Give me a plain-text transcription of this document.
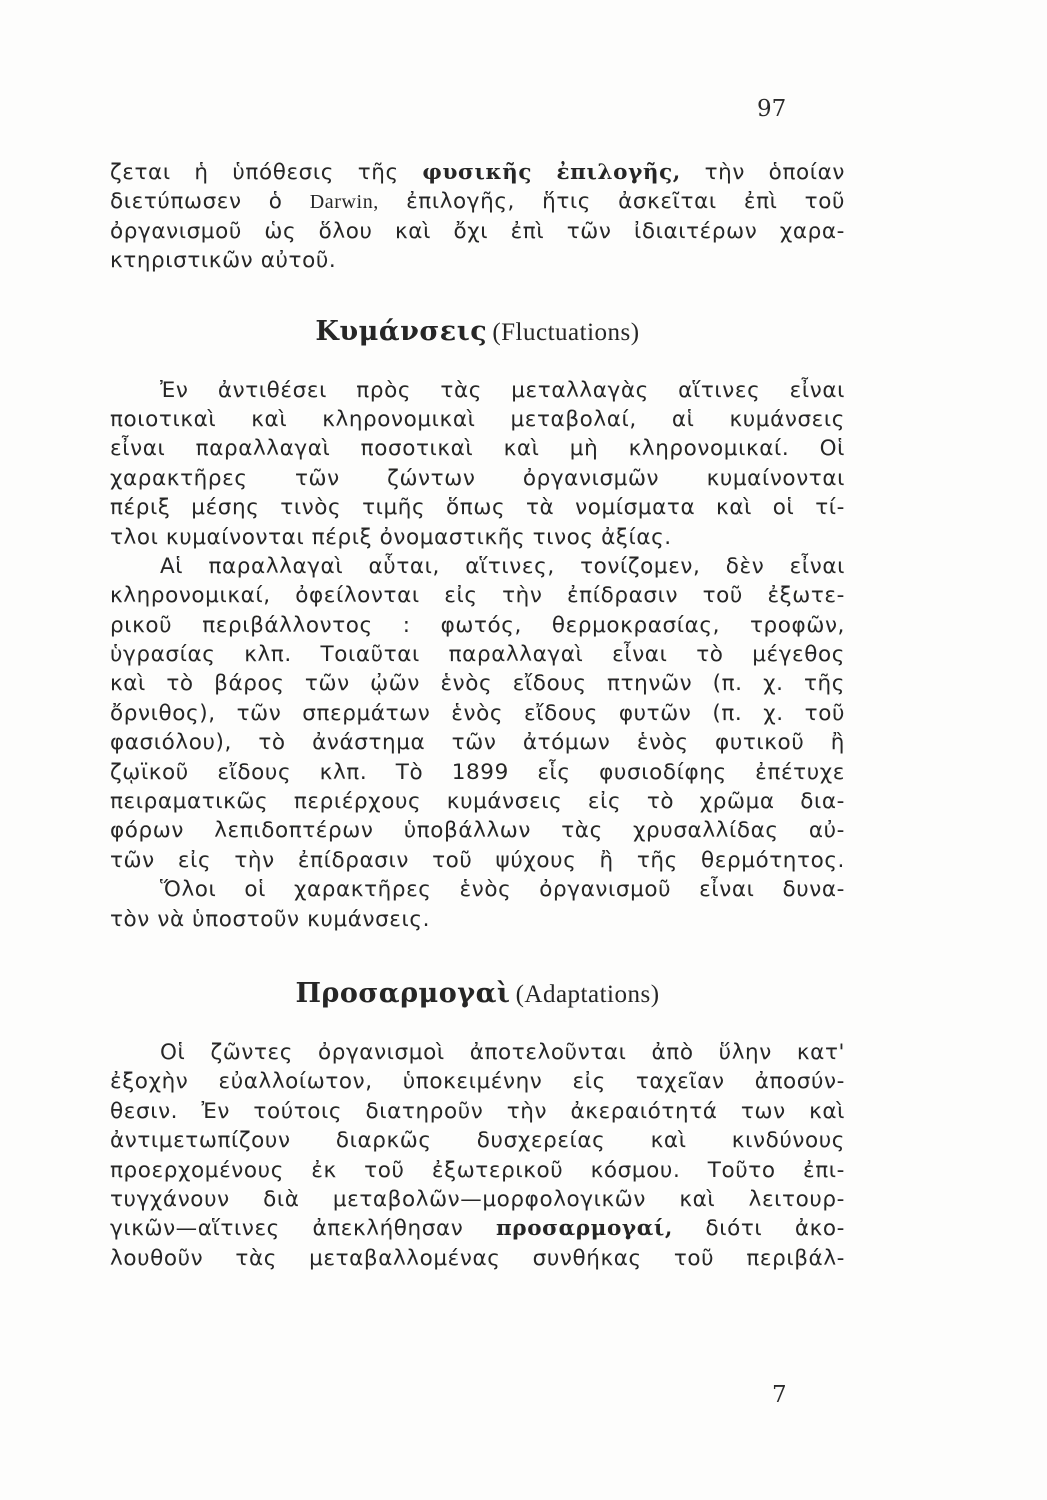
97
ζεται ἡ ὑπόθεσις τῆς φυσικῆς ἐπιλογῆς, τὴν ὁποίαν
διετύπωσεν ὁ Darwin, ἐπιλογῆς, ἥτις ἀσκεῖται ἐπὶ τοῦ
ὀργανισμοῦ ὡς ὅλου καὶ ὄχι ἐπὶ τῶν ἰδιαιτέρων χαρα-
κτηριστικῶν αὐτοῦ.
Κυμάνσεις (Fluctuations)
Ἐν ἀντιθέσει πρὸς τὰς μεταλλαγὰς αἵτινες εἶναι
ποιοτικαὶ καὶ κληρονομικαὶ μεταβολαί, αἱ κυμάνσεις
εἶναι παραλλαγαὶ ποσοτικαὶ καὶ μὴ κληρονομικαί. Οἱ
χαρακτῆρες τῶν ζώντων ὀργανισμῶν κυμαίνονται
πέριξ μέσης τινὸς τιμῆς ὅπως τὰ νομίσματα καὶ οἱ τί-
τλοι κυμαίνονται πέριξ ὀνομαστικῆς τινος ἀξίας.
Αἱ παραλλαγαὶ αὗται, αἵτινες, τονίζομεν, δὲν εἶναι
κληρονομικαί, ὀφείλονται εἰς τὴν ἐπίδρασιν τοῦ ἐξωτε-
ρικοῦ περιβάλλοντος : φωτός, θερμοκρασίας, τροφῶν,
ὑγρασίας κλπ. Τοιαῦται παραλλαγαὶ εἶναι τὸ μέγεθος
καὶ τὸ βάρος τῶν ᾠῶν ἑνὸς εἴδους πτηνῶν (π. χ. τῆς
ὄρνιθος), τῶν σπερμάτων ἑνὸς εἴδους φυτῶν (π. χ. τοῦ
φασιόλου), τὸ ἀνάστημα τῶν ἀτόμων ἑνὸς φυτικοῦ ἢ
ζῳϊκοῦ εἴδους κλπ. Τὸ 1899 εἷς φυσιοδίφης ἐπέτυχε
πειραματικῶς περιέρχους κυμάνσεις εἰς τὸ χρῶμα δια-
φόρων λεπιδοπτέρων ὑποβάλλων τὰς χρυσαλλίδας αὐ-
τῶν εἰς τὴν ἐπίδρασιν τοῦ ψύχους ἢ τῆς θερμότητος.
Ὅλοι οἱ χαρακτῆρες ἑνὸς ὀργανισμοῦ εἶναι δυνα-
τὸν νὰ ὑποστοῦν κυμάνσεις.
Προσαρμογαὶ (Adaptations)
Οἱ ζῶντες ὀργανισμοὶ ἀποτελοῦνται ἀπὸ ὕλην κατ'
ἐξοχὴν εὐαλλοίωτον, ὑποκειμένην εἰς ταχεῖαν ἀποσύν-
θεσιν. Ἐν τούτοις διατηροῦν τὴν ἀκεραιότητά των καὶ
ἀντιμετωπίζουν διαρκῶς δυσχερείας καὶ κινδύνους
προερχομένους ἐκ τοῦ ἐξωτερικοῦ κόσμου. Τοῦτο ἐπι-
τυγχάνουν διὰ μεταβολῶν—μορφολογικῶν καὶ λειτουρ-
γικῶν—αἵτινες ἀπεκλήθησαν προσαρμογαί, διότι ἀκο-
λουθοῦν τὰς μεταβαλλομένας συνθήκας τοῦ περιβάλ-
7
